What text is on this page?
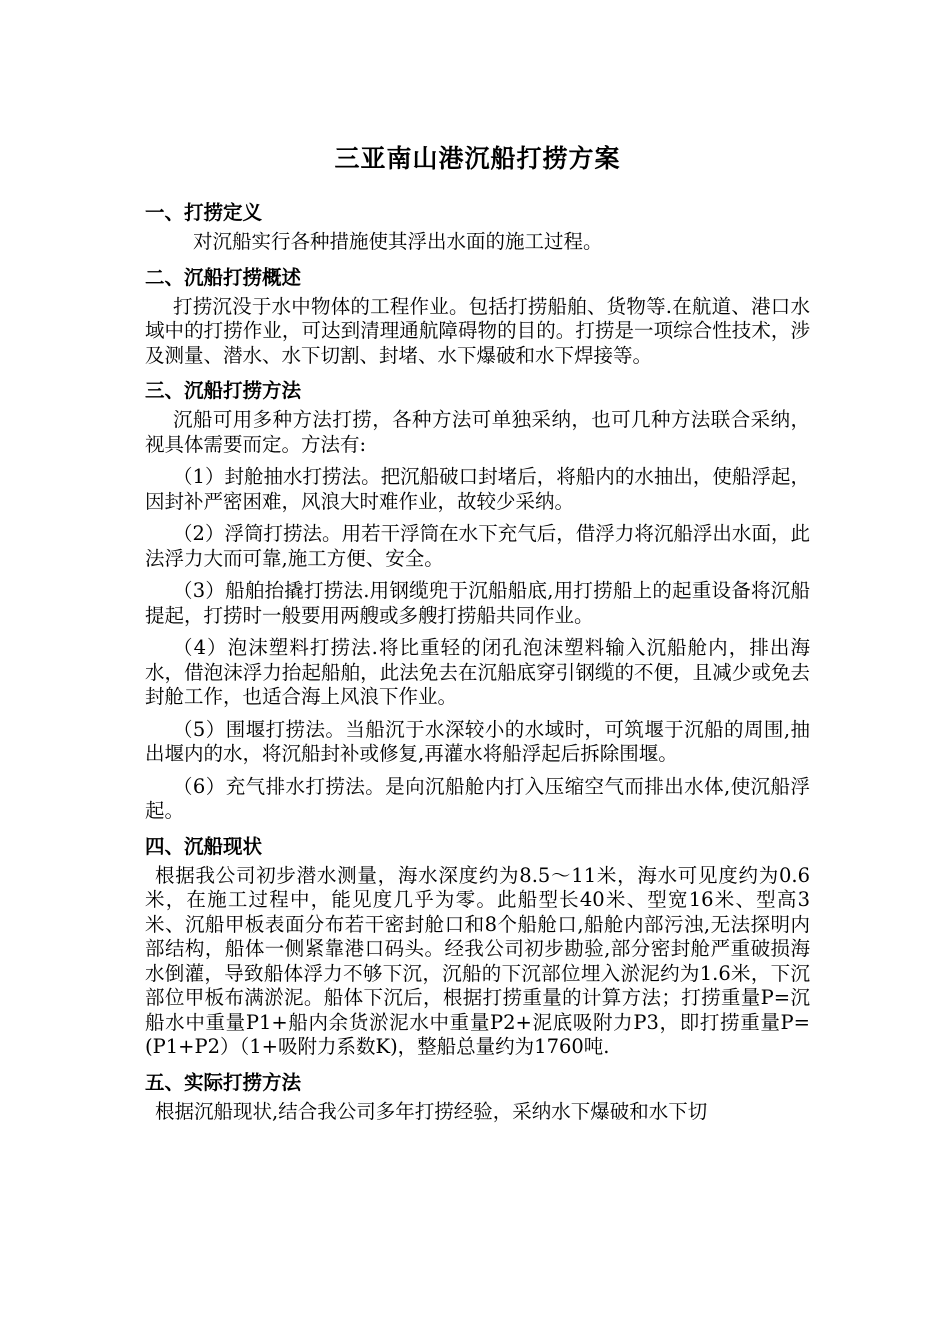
三亚南山港沉船打捞方案
一、打捞定义

对沉船实行各种措施使其浮出水面的施工过程。

二、沉船打捞概述

打捞沉没于水中物体的工程作业。包括打捞船舶、货物等.在航道、港口水域中的打捞作业，可达到清理通航障碍物的目的。打捞是一项综合性技术，涉及测量、潜水、水下切割、封堵、水下爆破和水下焊接等。

三、沉船打捞方法

沉船可用多种方法打捞，各种方法可单独采纳，也可几种方法联合采纳，视具体需要而定。方法有:

（1）封舱抽水打捞法。把沉船破口封堵后，将船内的水抽出，使船浮起，因封补严密困难，风浪大时难作业，故较少采纳。

（2）浮筒打捞法。用若干浮筒在水下充气后，借浮力将沉船浮出水面，此法浮力大而可靠,施工方便、安全。

（3）船舶抬撬打捞法.用钢缆兜于沉船船底,用打捞船上的起重设备将沉船提起，打捞时一般要用两艘或多艘打捞船共同作业。

（4）泡沫塑料打捞法.将比重轻的闭孔泡沫塑料输入沉船舱内，排出海水，借泡沫浮力抬起船舶，此法免去在沉船底穿引钢缆的不便，且减少或免去封舱工作，也适合海上风浪下作业。

（5）围堰打捞法。当船沉于水深较小的水域时，可筑堰于沉船的周围,抽出堰内的水，将沉船封补或修复,再灌水将船浮起后拆除围堰。

（6）充气排水打捞法。是向沉船舱内打入压缩空气而排出水体,使沉船浮起。

四、沉船现状

根据我公司初步潜水测量，海水深度约为8.5～11米，海水可见度约为0.6米，在施工过程中，能见度几乎为零。此船型长40米、型宽16米、型高3米、沉船甲板表面分布若干密封舱口和8个船舱口,船舱内部污浊,无法探明内部结构，船体一侧紧靠港口码头。经我公司初步勘验,部分密封舱严重破损海水倒灌，导致船体浮力不够下沉，沉船的下沉部位埋入淤泥约为1.6米，下沉部位甲板布满淤泥。船体下沉后，根据打捞重量的计算方法；打捞重量P=沉船水中重量P1+船内余货淤泥水中重量P2+泥底吸附力P3，即打捞重量P=(P1+P2）（1+吸附力系数K)，整船总量约为1760吨.

五、实际打捞方法

根据沉船现状,结合我公司多年打捞经验，采纳水下爆破和水下切
